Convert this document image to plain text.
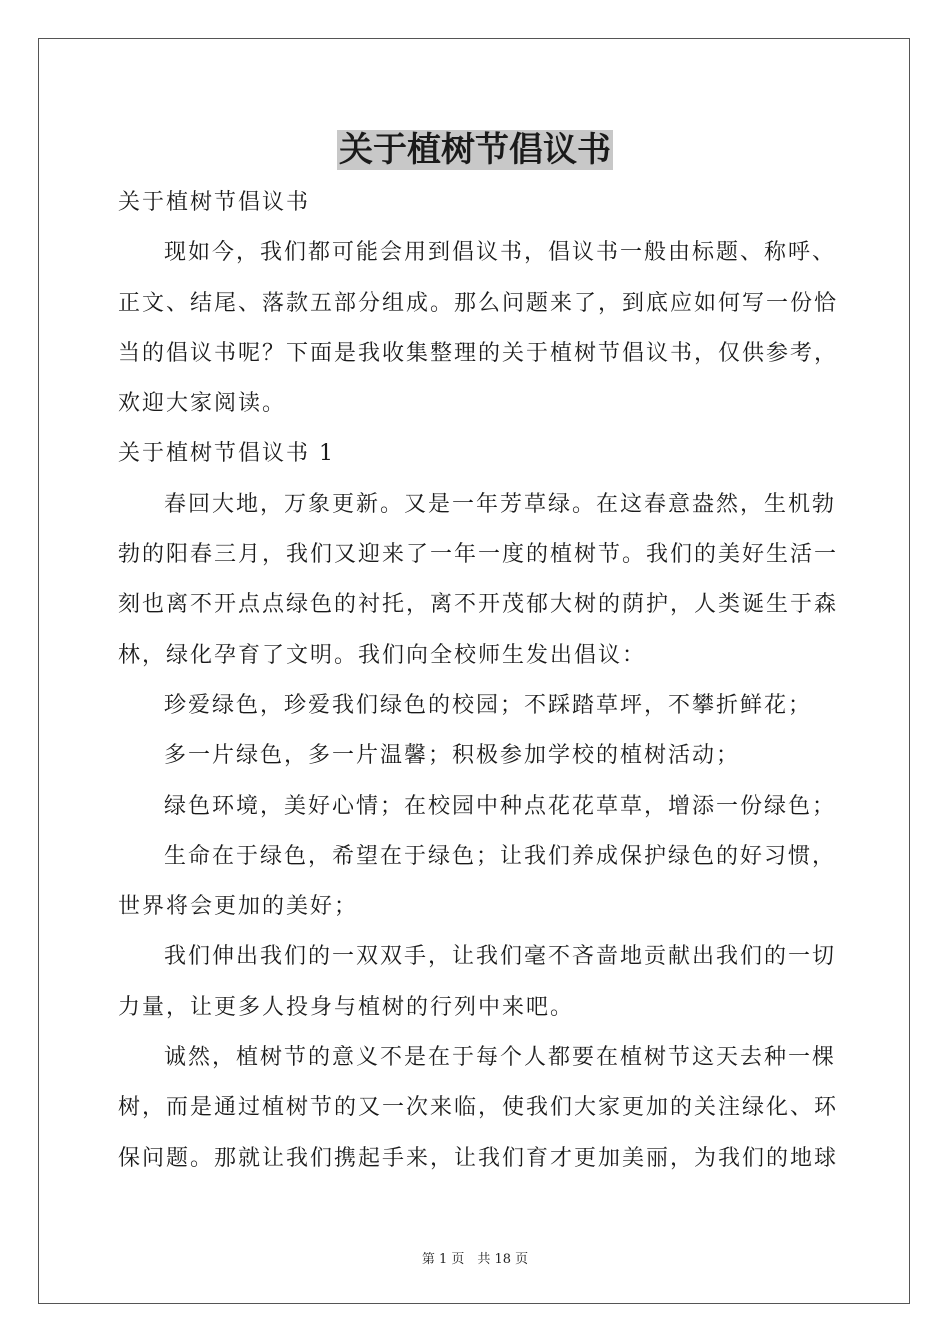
关于植树节倡议书

关于植树节倡议书

现如今，我们都可能会用到倡议书，倡议书一般由标题、称呼、

正文、结尾、落款五部分组成。那么问题来了，到底应如何写一份恰

当的倡议书呢？下面是我收集整理的关于植树节倡议书，仅供参考，

欢迎大家阅读。

关于植树节倡议书 1

春回大地，万象更新。又是一年芳草绿。在这春意盎然，生机勃

勃的阳春三月，我们又迎来了一年一度的植树节。我们的美好生活一

刻也离不开点点绿色的衬托，离不开茂郁大树的荫护，人类诞生于森

林，绿化孕育了文明。我们向全校师生发出倡议：

珍爱绿色，珍爱我们绿色的校园；不踩踏草坪，不攀折鲜花；

多一片绿色，多一片温馨；积极参加学校的植树活动；

绿色环境，美好心情；在校园中种点花花草草，增添一份绿色；

生命在于绿色，希望在于绿色；让我们养成保护绿色的好习惯，

世界将会更加的美好；

我们伸出我们的一双双手，让我们毫不吝啬地贡献出我们的一切

力量，让更多人投身与植树的行列中来吧。

诚然，植树节的意义不是在于每个人都要在植树节这天去种一棵

树，而是通过植树节的又一次来临，使我们大家更加的关注绿化、环

保问题。那就让我们携起手来，让我们育才更加美丽，为我们的地球

第 1 页　共 18 页
